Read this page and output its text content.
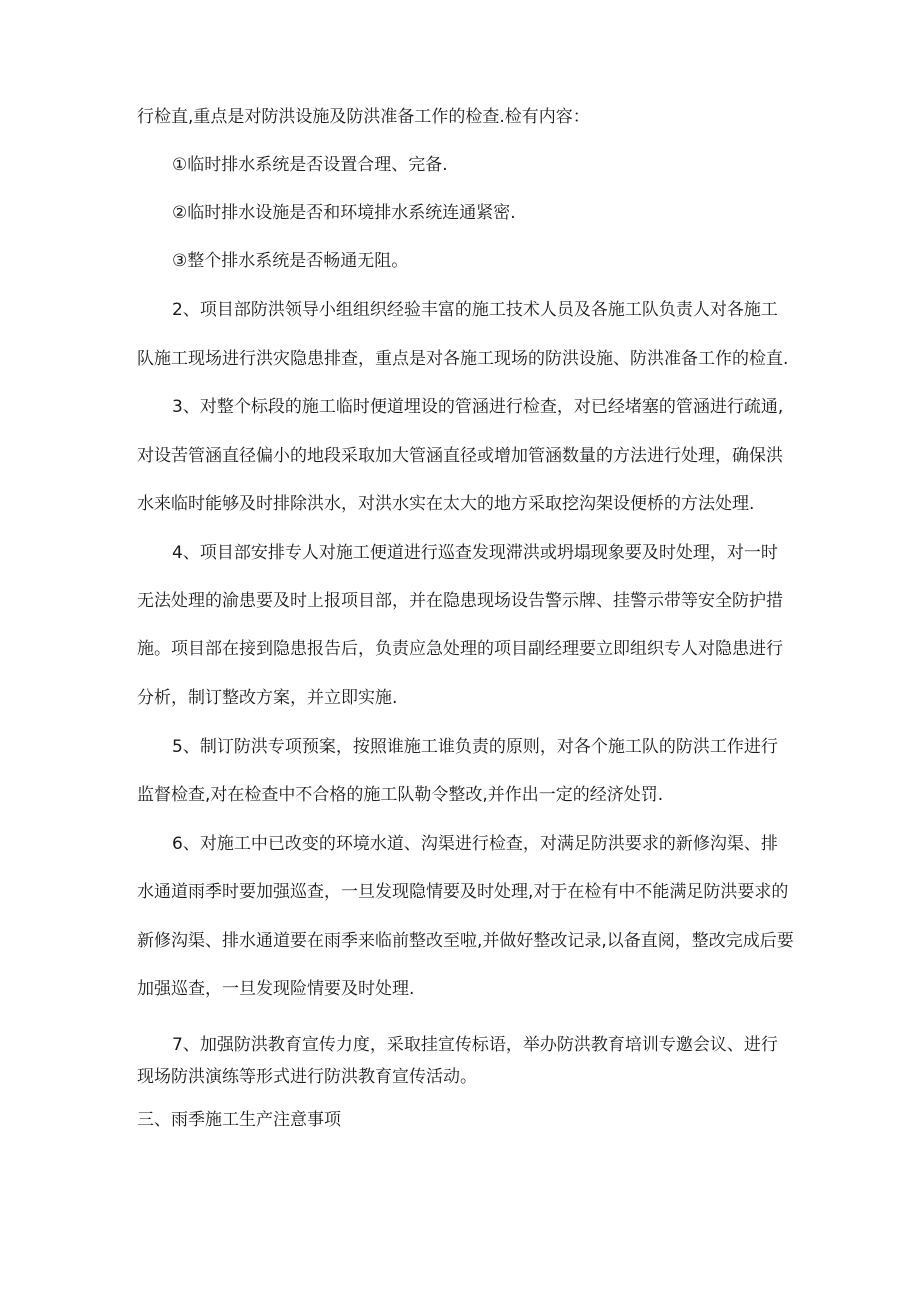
行检直,重点是对防洪设施及防洪准备工作的检查.检有内容：
①临时排水系统是否设置合理、完备.
②临时排水设施是否和环境排水系统连通紧密.
③整个排水系统是否畅通无阻。
2、项目部防洪领导小组组织经验丰富的施工技术人员及各施工队负责人对各施工
队施工现场进行洪灾隐患排查，重点是对各施工现场的防洪设施、防洪准备工作的检直.
3、对整个标段的施工临时便道埋设的管涵进行检查，对已经堵塞的管涵进行疏通,
对设苦管涵直径偏小的地段采取加大管涵直径或增加管涵数量的方法进行处理，确保洪
水来临时能够及时排除洪水，对洪水实在太大的地方采取挖沟架设便桥的方法处理.
4、项目部安排专人对施工便道进行巡查发现滞洪或坍塌现象要及时处理，对一时
无法处理的渝患要及时上报项目部，并在隐患现场设告警示牌、挂警示带等安全防护措
施。项目部在接到隐患报告后，负责应急处理的项目副经理要立即组织专人对隐患进行
分析，制订整改方案，并立即实施.
5、制订防洪专项预案，按照谁施工谁负责的原则，对各个施工队的防洪工作进行
监督检查,对在检查中不合格的施工队勒令整改,并作出一定的经济处罚.
6、对施工中已改变的环境水道、沟渠进行检查，对满足防洪要求的新修沟渠、排
水通道雨季时要加强巡查，一旦发现隐情要及时处理,对于在检有中不能满足防洪要求的
新修沟渠、排水通道要在雨季来临前整改至啦,并做好整改记录,以备直阅，整改完成后要
加强巡查，一旦发现险情要及时处理.
7、加强防洪教育宣传力度，采取挂宣传标语，举办防洪教育培训专邀会议、进行
现场防洪演练等形式进行防洪教育宣传活动。
三、雨季施工生产注意事项
